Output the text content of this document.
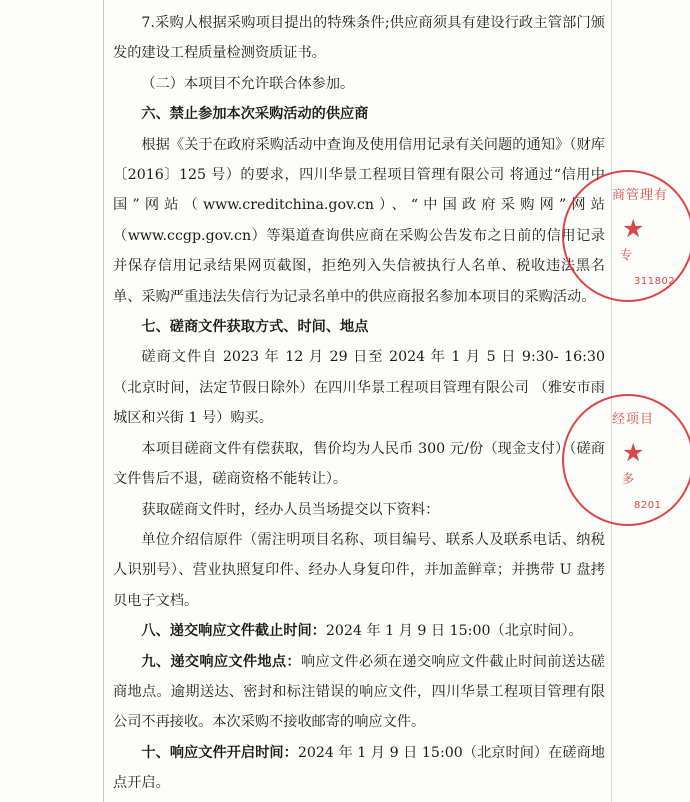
7.采购人根据采购项目提出的特殊条件;供应商须具有建设行政主管部门颁发的建设工程质量检测资质证书。

（二）本项目不允许联合体参加。

六、禁止参加本次采购活动的供应商

根据《关于在政府采购活动中查询及使用信用记录有关问题的通知》（财库〔2016〕125 号）的要求，四川华景工程项目管理有限公司 将通过“信用中国”网站（www.creditchina.gov.cn）、“中国政府采购网”网站（www.ccgp.gov.cn）等渠道查询供应商在采购公告发布之日前的信用记录并保存信用记录结果网页截图，拒绝列入失信被执行人名单、税收违法黑名单、采购严重违法失信行为记录名单中的供应商报名参加本项目的采购活动。

七、磋商文件获取方式、时间、地点

磋商文件自 2023 年 12 月 29 日至 2024 年 1 月 5 日 9:30- 16:30（北京时间，法定节假日除外）在四川华景工程项目管理有限公司 （雅安市雨城区和兴街 1 号）购买。

本项目磋商文件有偿获取，售价均为人民币 300 元/份（现金支付）（磋商文件售后不退，磋商资格不能转让）。

获取磋商文件时，经办人员当场提交以下资料：

单位介绍信原件（需注明项目名称、项目编号、联系人及联系电话、纳税人识别号）、营业执照复印件、经办人身复印件，并加盖鲜章；并携带 U 盘拷贝电子文档。

八、递交响应文件截止时间：2024 年 1 月 9 日 15:00（北京时间）。

九、递交响应文件地点：响应文件必须在递交响应文件截止时间前送达磋商地点。逾期送达、密封和标注错误的响应文件，四川华景工程项目管理有限公司不再接收。本次采购不接收邮寄的响应文件。

十、响应文件开启时间：2024 年 1 月 9 日 15:00（北京时间）在磋商地点开启。

商管理有
★
专
311802
经项目
★
多
8201
